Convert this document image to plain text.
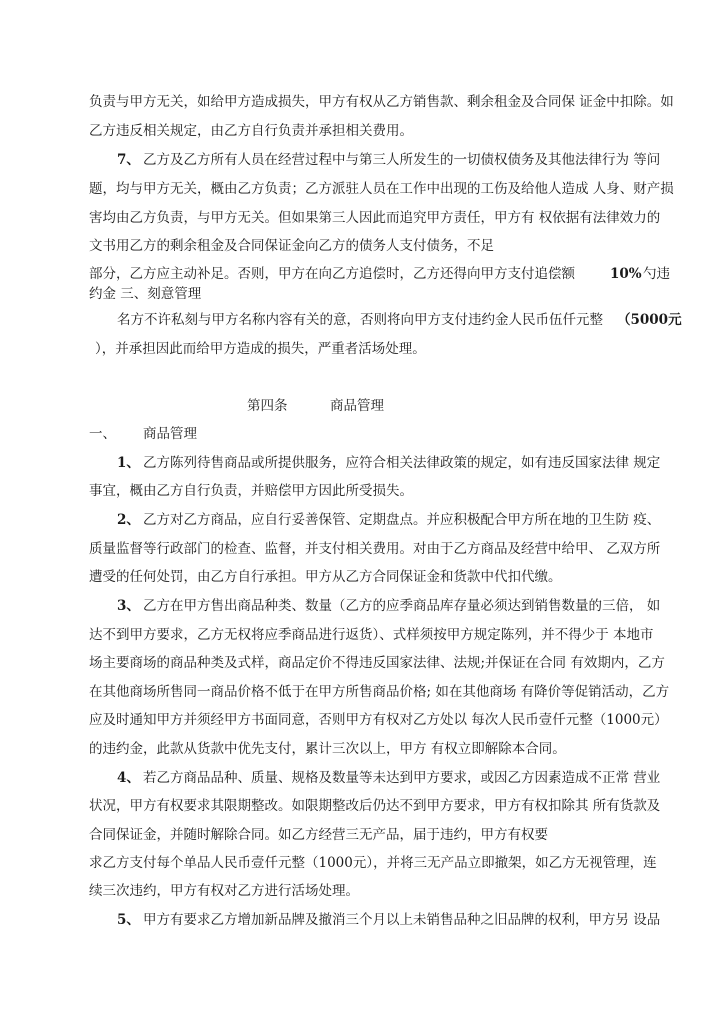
负责与甲方无关，如给甲方造成损失，甲方有权从乙方销售款、剩余租金及合同保 证金中扣除。如
乙方违反相关规定，由乙方自行负责并承担相关费用。
7、 乙方及乙方所有人员在经营过程中与第三人所发生的一切债权债务及其他法律行为 等问
题，均与甲方无关，概由乙方负责；乙方派驻人员在工作中出现的工伤及给他人造成 人身、财产损
害均由乙方负责，与甲方无关。但如果第三人因此而追究甲方责任，甲方有 权依据有法律效力的
文书用乙方的剩余租金及合同保证金向乙方的债务人支付债务，不足
部分，乙方应主动补足。否则，甲方在向乙方追偿时，乙方还得向甲方支付追偿额	10% 勺违
约金 三、刻意管理
名方不许私刻与甲方名称内容有关的意，否则将向甲方支付违约金人民币伍仟元整 （5000元
），并承担因此而给甲方造成的损失，严重者活场处理。
第四条	商品管理
一、 商品管理
1、 乙方陈列待售商品或所提供服务，应符合相关法律政策的规定，如有违反国家法律 规定
事宜，概由乙方自行负责，并赔偿甲方因此所受损失。
2、 乙方对乙方商品，应自行妥善保管、定期盘点。并应积极配合甲方所在地的卫生防 疫、
质量监督等行政部门的检查、监督，并支付相关费用。对由于乙方商品及经营中给甲、 乙双方所
遭受的任何处罚，由乙方自行承担。甲方从乙方合同保证金和货款中代扣代缴。
3、 乙方在甲方售出商品种类、数量（乙方的应季商品库存量必须达到销售数量的三倍， 如
达不到甲方要求，乙方无权将应季商品进行返货）、式样须按甲方规定陈列，并不得少于 本地市
场主要商场的商品种类及式样，商品定价不得违反国家法律、法规;并保证在合同 有效期内，乙方
在其他商场所售同一商品价格不低于在甲方所售商品价格; 如在其他商场 有降价等促销活动，乙方
应及时通知甲方并须经甲方书面同意，否则甲方有权对乙方处以 每次人民币壹仟元整（1000元）
的违约金，此款从货款中优先支付，累计三次以上，甲方 有权立即解除本合同。
4、 若乙方商品品种、质量、规格及数量等未达到甲方要求，或因乙方因素造成不正常 营业
状况，甲方有权要求其限期整改。如限期整改后仍达不到甲方要求，甲方有权扣除其 所有货款及
合同保证金，并随时解除合同。如乙方经营三无产品，届于违约，甲方有权要
求乙方支付每个单品人民币壹仟元整（1000元），并将三无产品立即撤架，如乙方无视管理，连
续三次违约，甲方有权对乙方进行活场处理。
5、 甲方有要求乙方增加新品牌及撤消三个月以上未销售品种之旧品牌的权利，甲方另 设品
